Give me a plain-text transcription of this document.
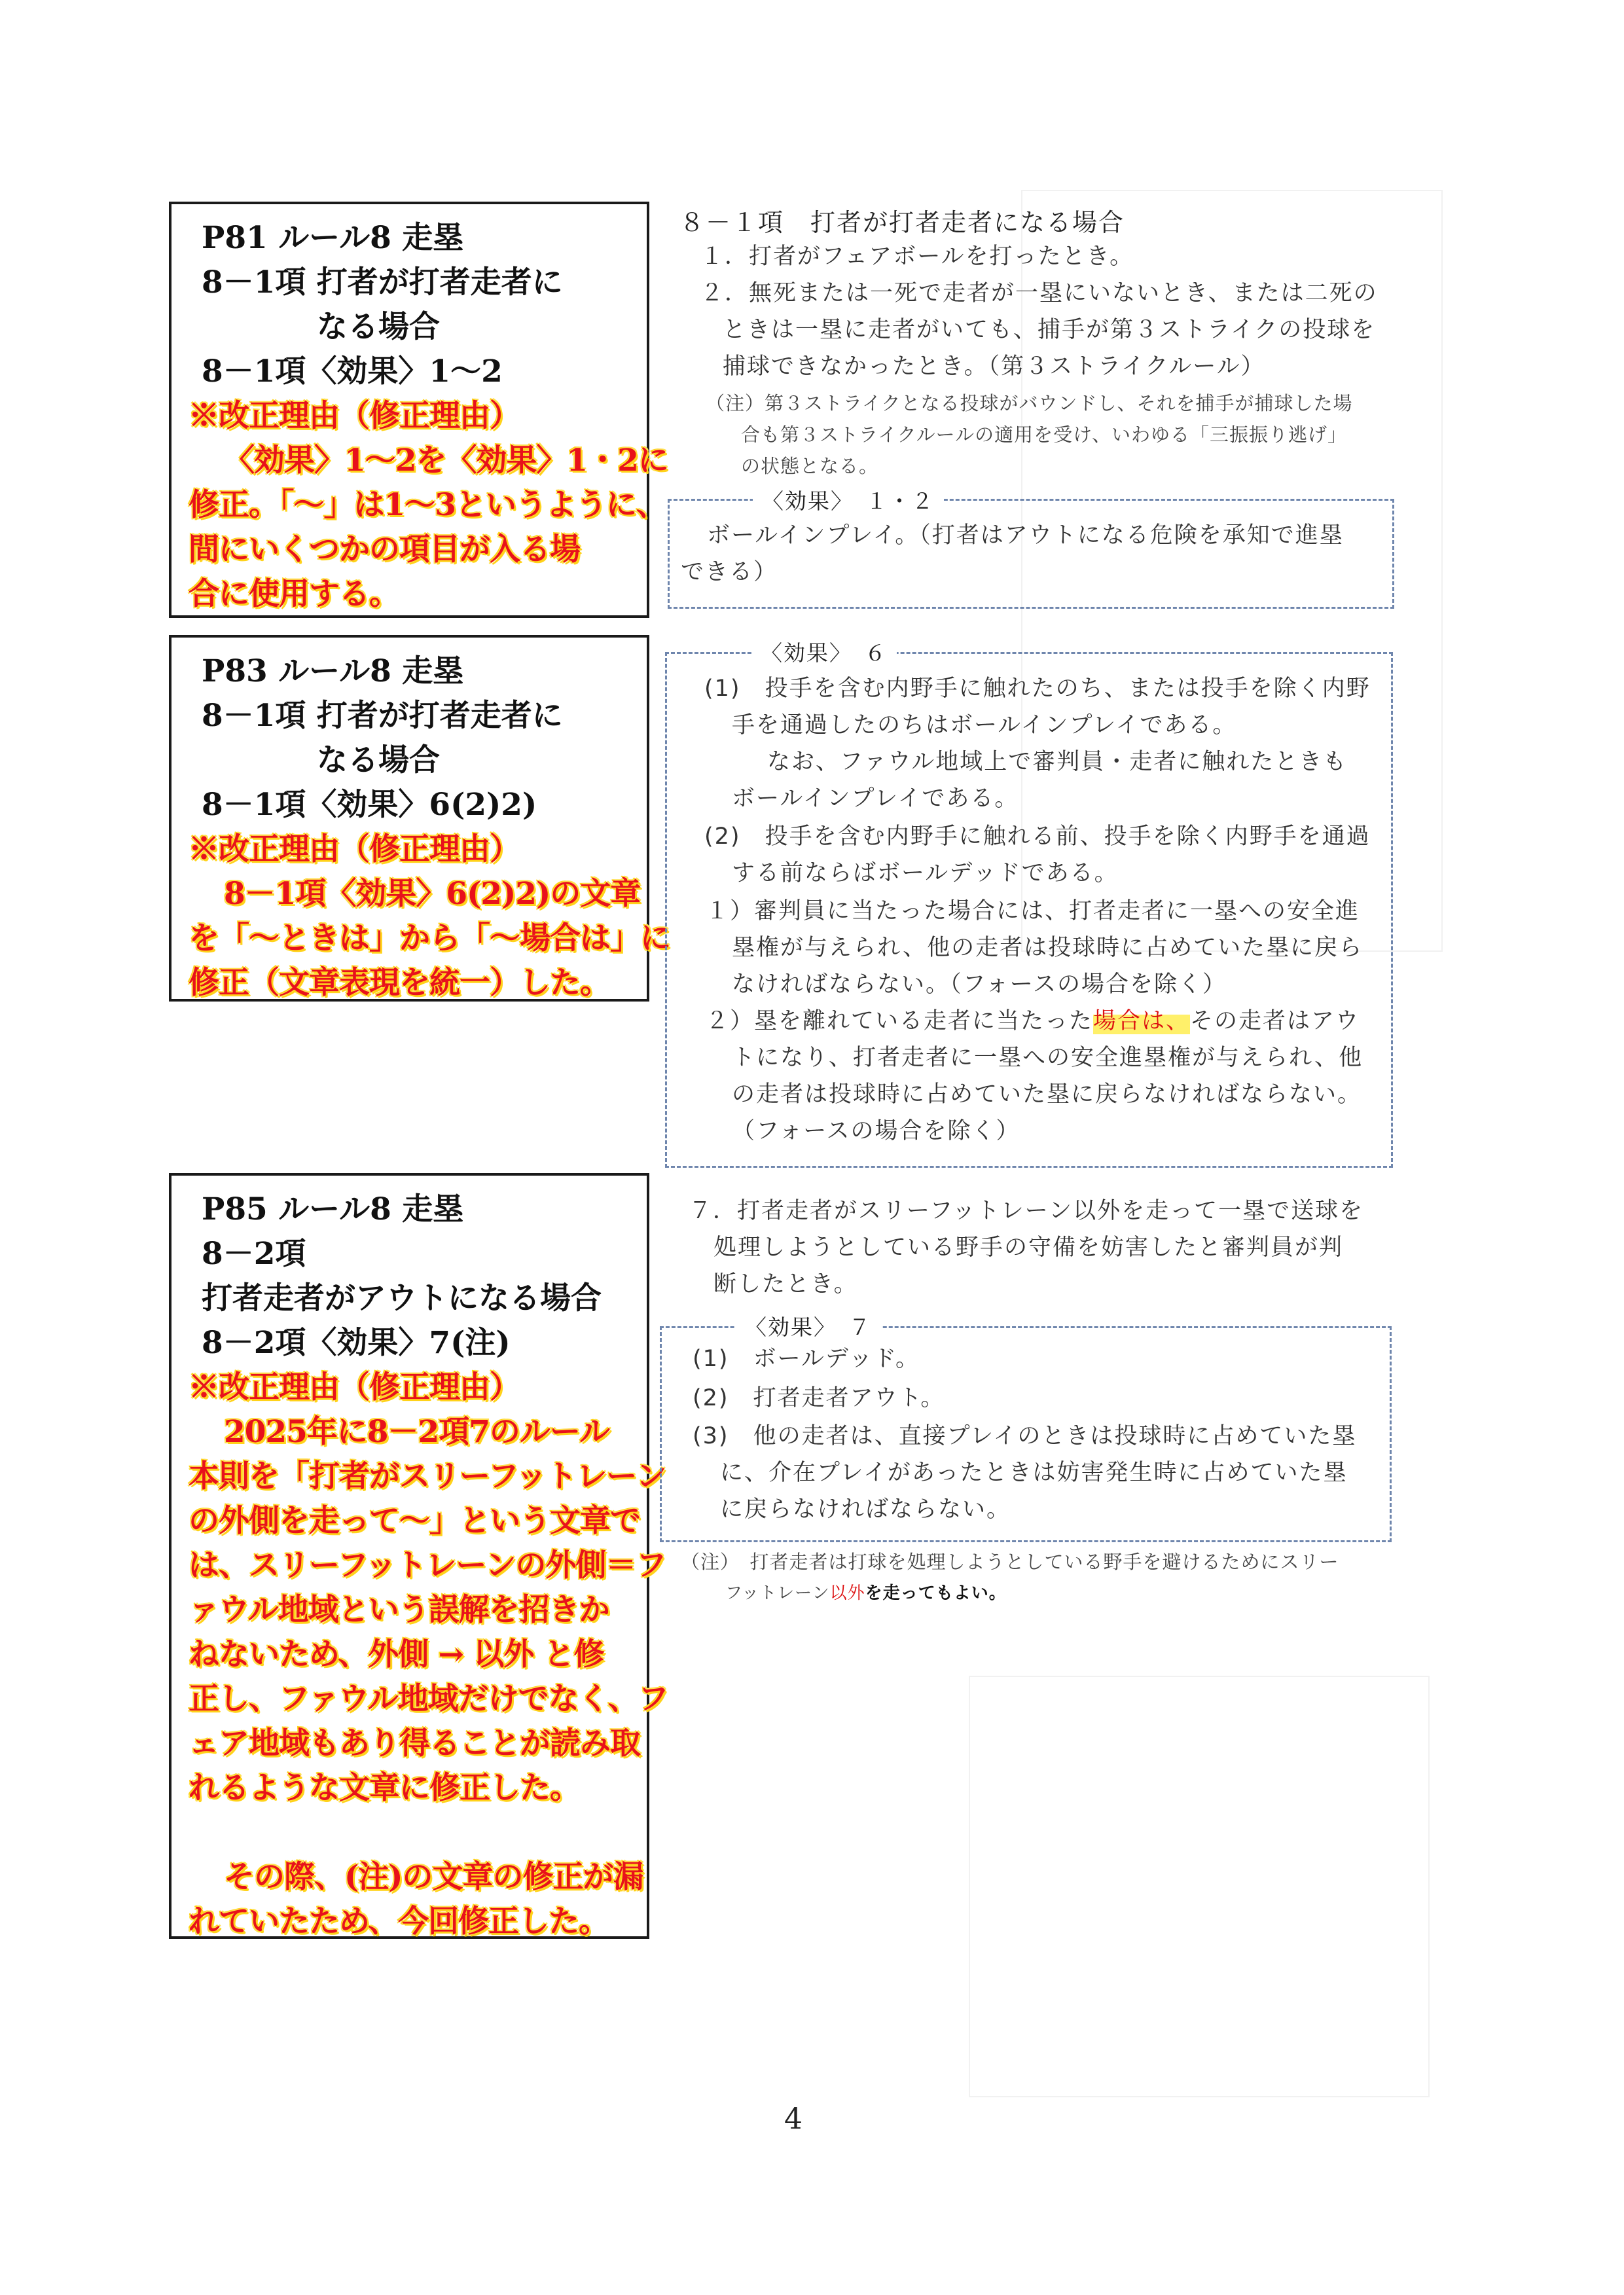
P81 ルール8 走塁
8－1項 打者が打者走者に
なる場合
8－1項〈効果〉1～2
※改正理由（修正理由）
〈効果〉1～2を〈効果〉1・2に
修正。「～」は1～3というように、
間にいくつかの項目が入る場
合に使用する。
P83 ルール8 走塁
8－1項 打者が打者走者に
なる場合
8－1項〈効果〉6(2)2)
※改正理由（修正理由）
8－1項〈効果〉6(2)2)の文章
を「～ときは」から「～場合は」に
修正（文章表現を統一）した。
P85 ルール8 走塁
8－2項
打者走者がアウトになる場合
8－2項〈効果〉7(注)
※改正理由（修正理由）
2025年に8－2項7のルール
本則を「打者がスリーフットレーン
の外側を走って～」という文章で
は、スリーフットレーンの外側＝フ
ァウル地域という誤解を招きか
ねないため、外側 → 以外 と修
正し、ファウル地域だけでなく、フ
ェア地域もあり得ることが読み取
れるような文章に修正した。
その際、(注)の文章の修正が漏
れていたため、今回修正した。
８－１項　打者が打者走者になる場合
１．打者がフェアボールを打ったとき。
２．無死または一死で走者が一塁にいないとき、または二死の
ときは一塁に走者がいても、捕手が第３ストライクの投球を
捕球できなかったとき。（第３ストライクルール）
（注）第３ストライクとなる投球がバウンドし、それを捕手が捕球した場
合も第３ストライクルールの適用を受け、いわゆる「三振振り逃げ」
の状態となる。
〈効果〉　１・２
ボールインプレイ。（打者はアウトになる危険を承知で進塁
できる）
〈効果〉　６
(1)　投手を含む内野手に触れたのち、または投手を除く内野
手を通過したのちはボールインプレイである。
なお、ファウル地域上で審判員・走者に触れたときも
ボールインプレイである。
(2)　投手を含む内野手に触れる前、投手を除く内野手を通過
する前ならばボールデッドである。
１）審判員に当たった場合には、打者走者に一塁への安全進
塁権が与えられ、他の走者は投球時に占めていた塁に戻ら
なければならない。（フォースの場合を除く）
２）塁を離れている走者に当たった場合は、その走者はアウ
トになり、打者走者に一塁への安全進塁権が与えられ、他
の走者は投球時に占めていた塁に戻らなければならない。
（フォースの場合を除く）
７．打者走者がスリーフットレーン以外を走って一塁で送球を
処理しようとしている野手の守備を妨害したと審判員が判
断したとき。
〈効果〉　７
(1)　ボールデッド。
(2)　打者走者アウト。
(3)　他の走者は、直接プレイのときは投球時に占めていた塁
に、介在プレイがあったときは妨害発生時に占めていた塁
に戻らなければならない。
（注）　打者走者は打球を処理しようとしている野手を避けるためにスリー
フットレーン以外を走ってもよい。
4
